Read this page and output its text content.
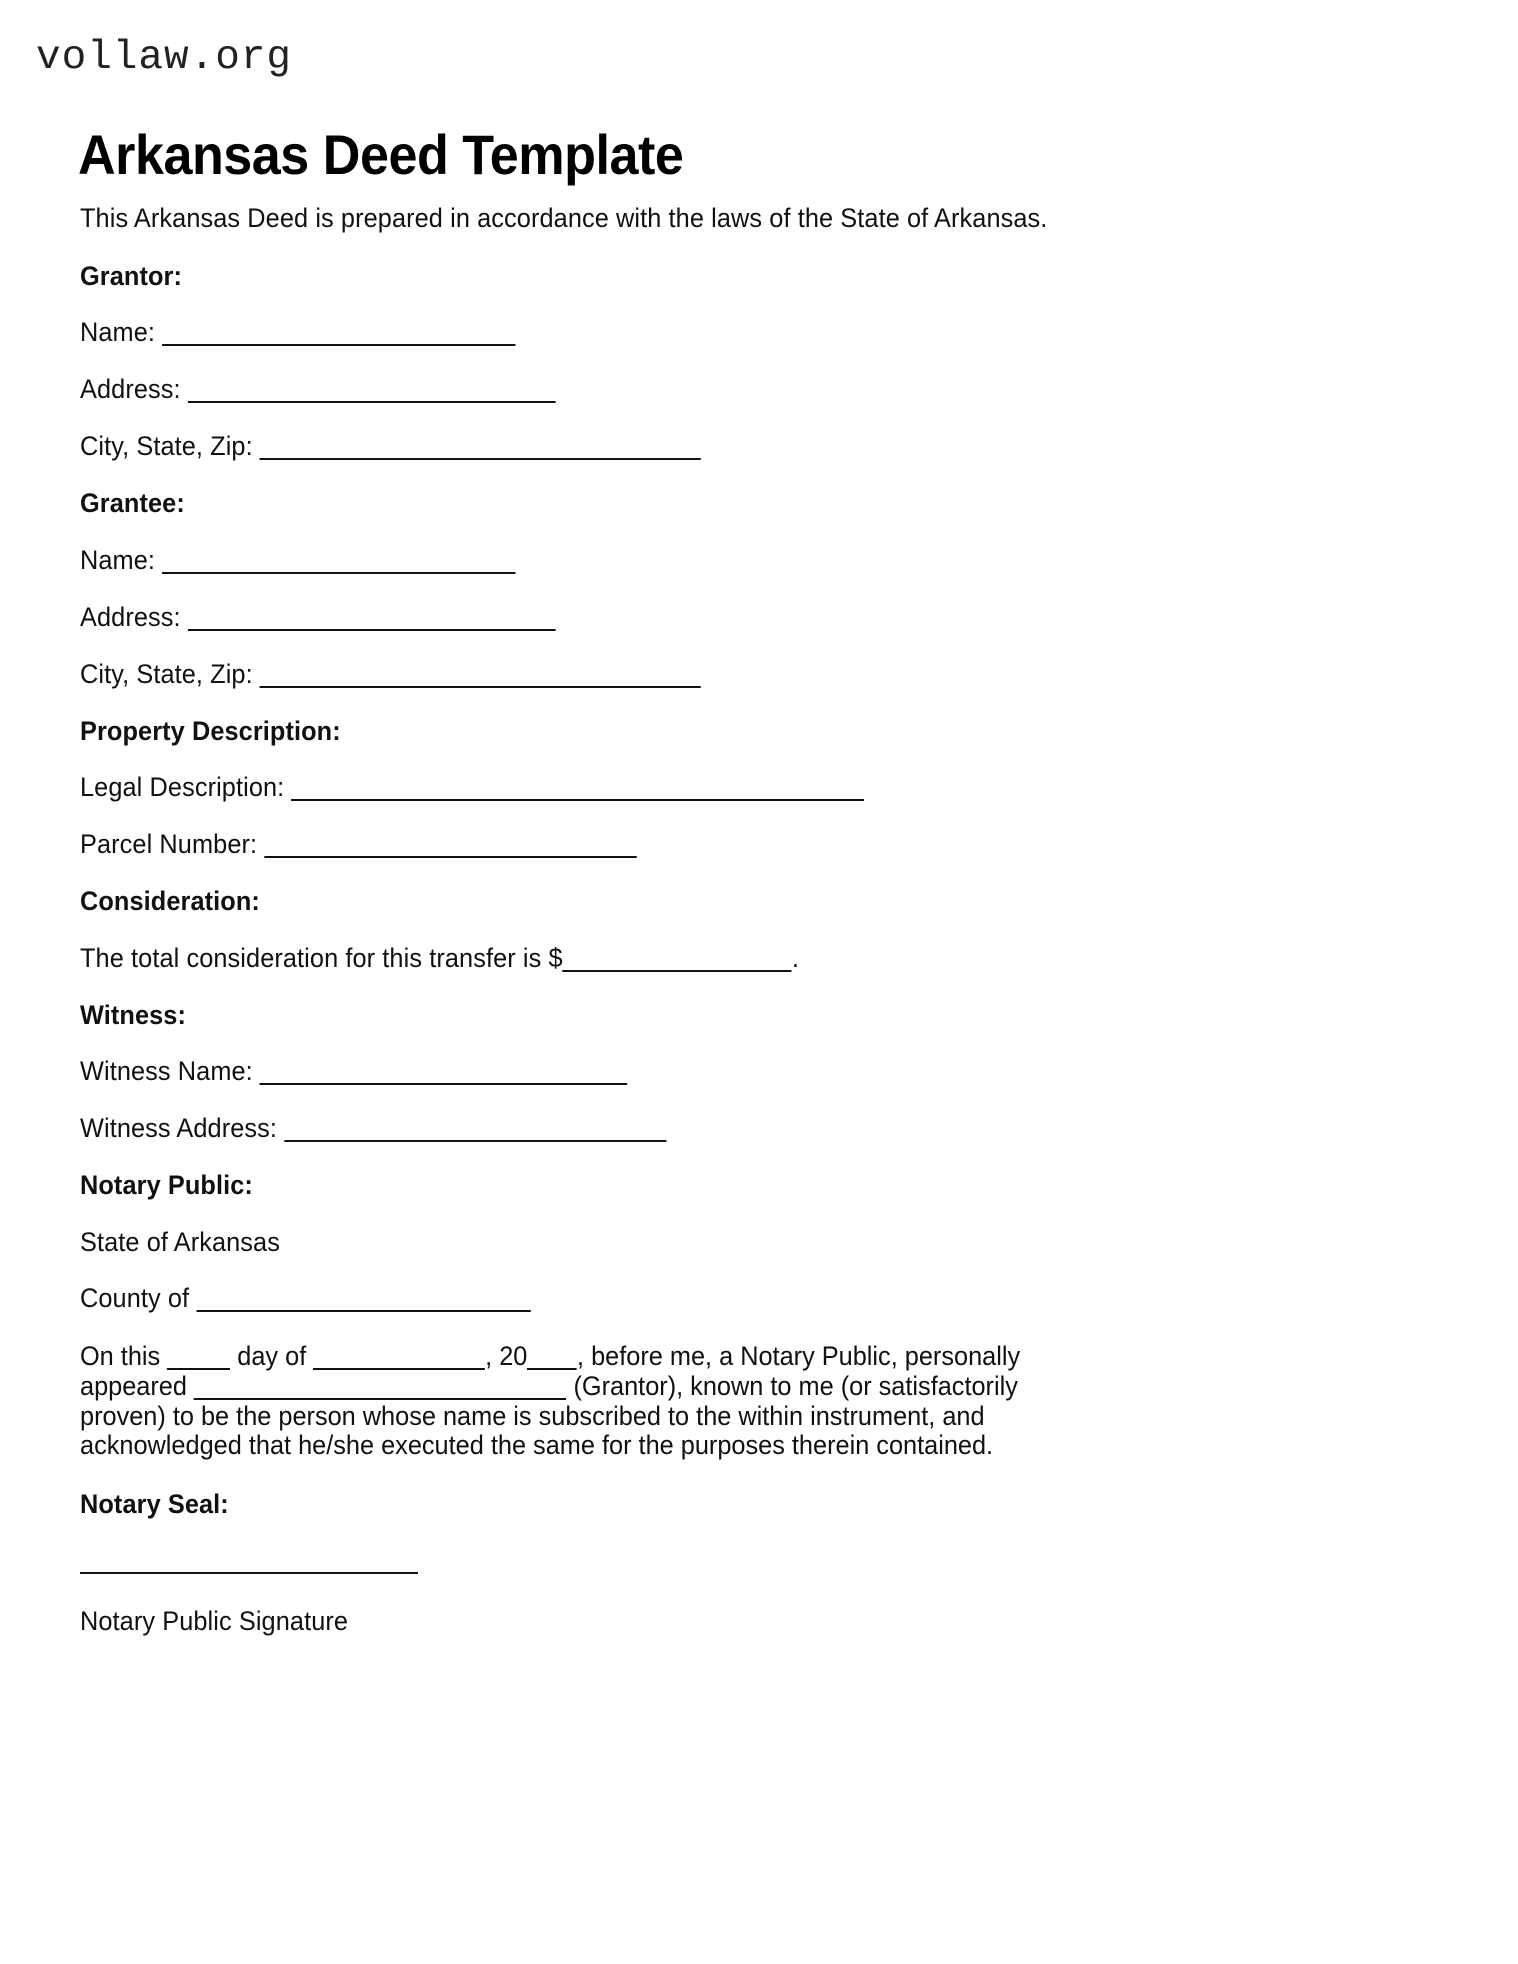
vollaw.org
Arkansas Deed Template
This Arkansas Deed is prepared in accordance with the laws of the State of Arkansas.
Grantor:
Name:
Address:
City, State, Zip:
Grantee:
Name:
Address:
City, State, Zip:
Property Description:
Legal Description:
Parcel Number:
Consideration:
The total consideration for this transfer is $	.
Witness:
Witness Name:
Witness Address:
Notary Public:
State of Arkansas
County of
On this  day of	, 20 , before me, a Notary Public, personally
appeared	(Grantor), known to me (or satisfactorily
proven) to be the person whose name is subscribed to the within instrument, and
acknowledged that he/she executed the same for the purposes therein contained.
Notary Seal:
Notary Public Signature
